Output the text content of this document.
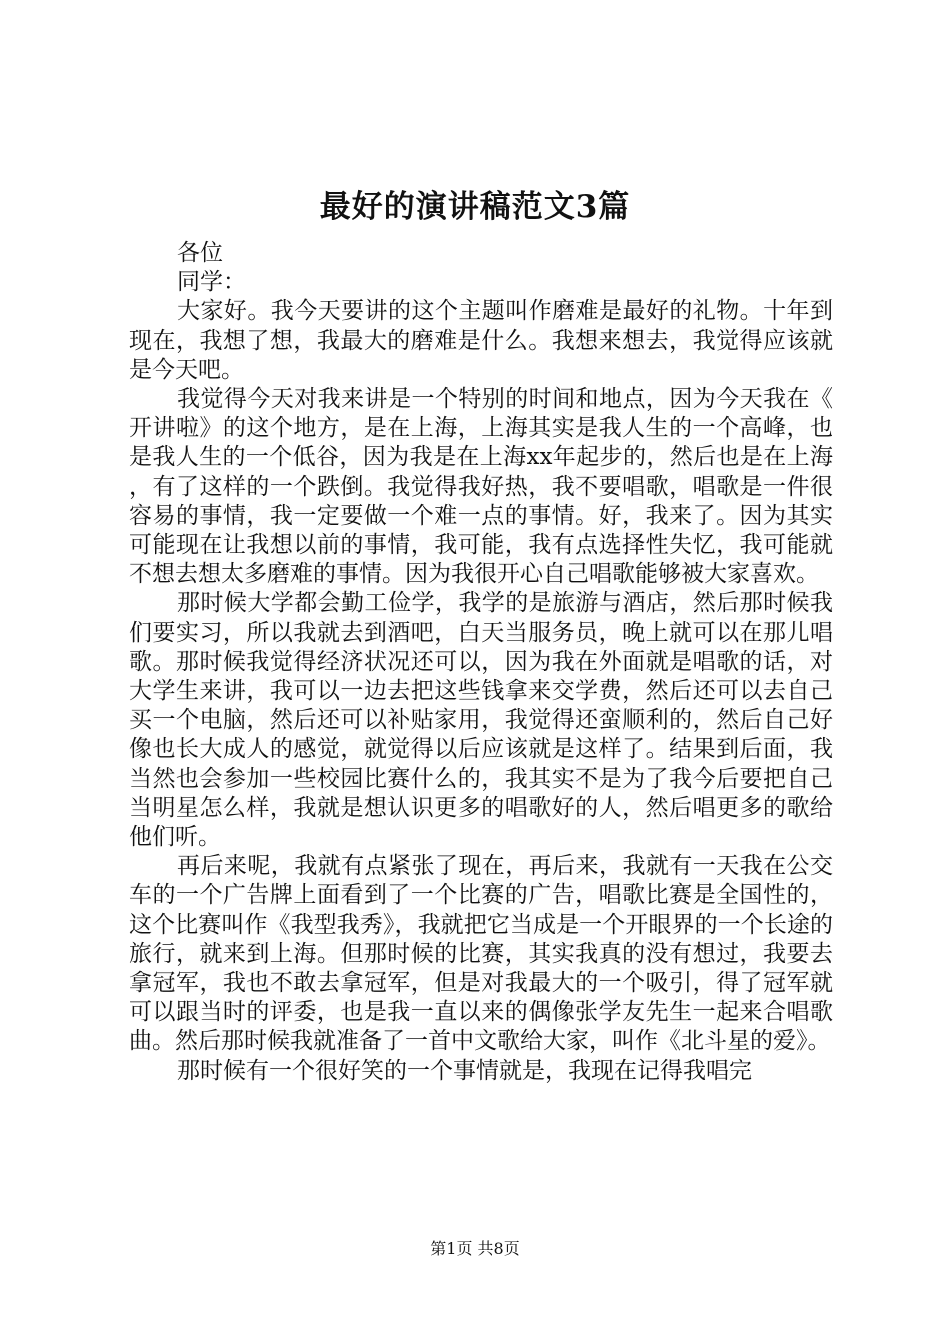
最好的演讲稿范文3篇

各位

同学：

大家好。我今天要讲的这个主题叫作磨难是最好的礼物。十年到现在，我想了想，我最大的磨难是什么。我想来想去，我觉得应该就是今天吧。

我觉得今天对我来讲是一个特别的时间和地点，因为今天我在《开讲啦》的这个地方，是在上海，上海其实是我人生的一个高峰，也是我人生的一个低谷，因为我是在上海xx年起步的，然后也是在上海，有了这样的一个跌倒。我觉得我好热，我不要唱歌，唱歌是一件很容易的事情，我一定要做一个难一点的事情。好，我来了。因为其实可能现在让我想以前的事情，我可能，我有点选择性失忆，我可能就不想去想太多磨难的事情。因为我很开心自己唱歌能够被大家喜欢。

那时候大学都会勤工俭学，我学的是旅游与酒店，然后那时候我们要实习，所以我就去到酒吧，白天当服务员，晚上就可以在那儿唱歌。那时候我觉得经济状况还可以，因为我在外面就是唱歌的话，对大学生来讲，我可以一边去把这些钱拿来交学费，然后还可以去自己买一个电脑，然后还可以补贴家用，我觉得还蛮顺利的，然后自己好像也长大成人的感觉，就觉得以后应该就是这样了。结果到后面，我当然也会参加一些校园比赛什么的，我其实不是为了我今后要把自己当明星怎么样，我就是想认识更多的唱歌好的人，然后唱更多的歌给他们听。

再后来呢，我就有点紧张了现在，再后来，我就有一天我在公交车的一个广告牌上面看到了一个比赛的广告，唱歌比赛是全国性的，这个比赛叫作《我型我秀》，我就把它当成是一个开眼界的一个长途的旅行，就来到上海。但那时候的比赛，其实我真的没有想过，我要去拿冠军，我也不敢去拿冠军，但是对我最大的一个吸引，得了冠军就可以跟当时的评委，也是我一直以来的偶像张学友先生一起来合唱歌曲。然后那时候我就准备了一首中文歌给大家，叫作《北斗星的爱》。

那时候有一个很好笑的一个事情就是，我现在记得我唱完

第1页 共8页
